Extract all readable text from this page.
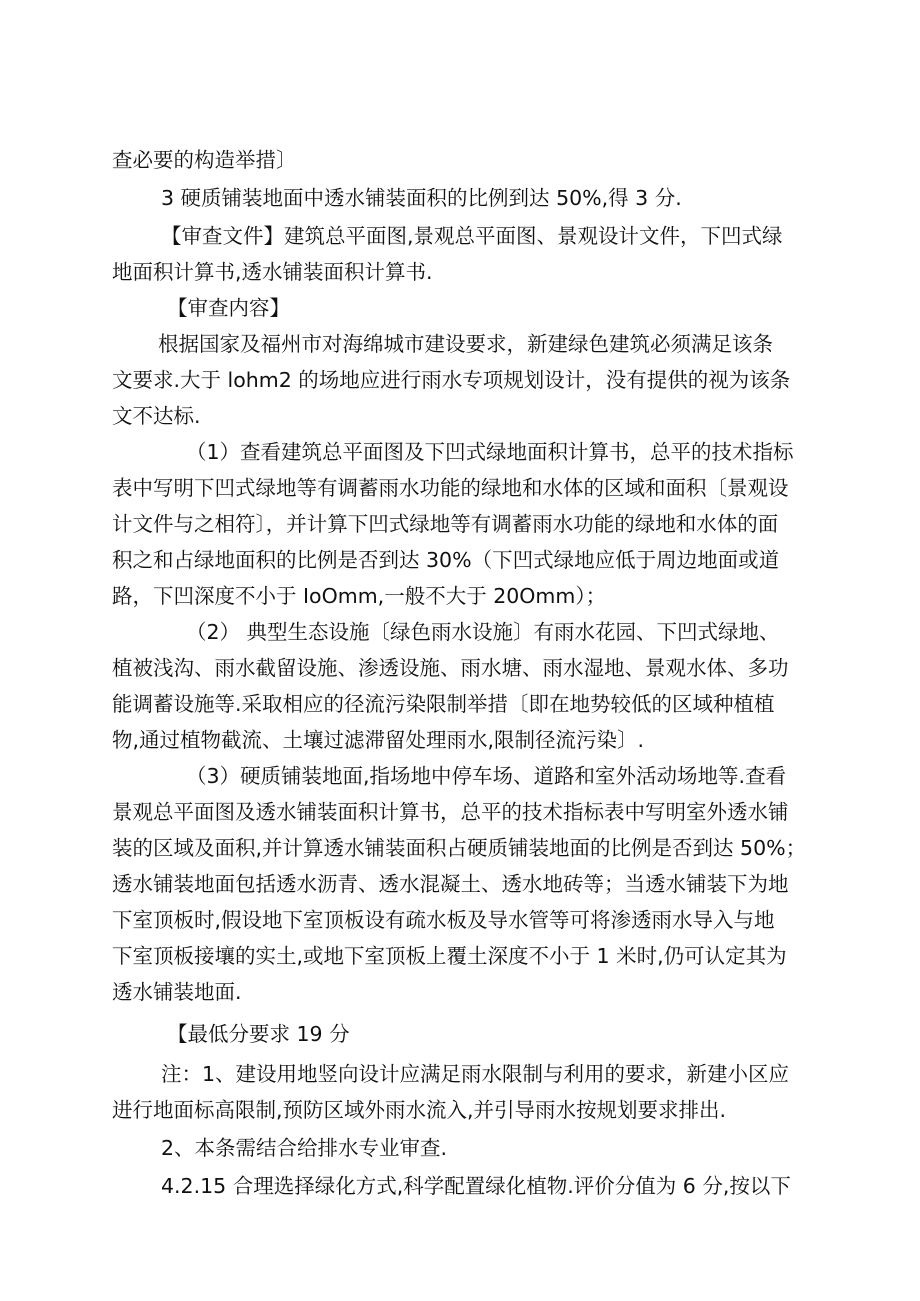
查必要的构造举措〕
3 硬质铺装地面中透水铺装面积的比例到达 50%,得 3 分.
【审查文件】建筑总平面图,景观总平面图、景观设计文件，下凹式绿
地面积计算书,透水铺装面积计算书.
【审查内容】
根据国家及福州市对海绵城市建设要求，新建绿色建筑必须满足该条
文要求.大于 lohm2 的场地应进行雨水专项规划设计，没有提供的视为该条
文不达标.
（1）查看建筑总平面图及下凹式绿地面积计算书，总平的技术指标
表中写明下凹式绿地等有调蓄雨水功能的绿地和水体的区域和面积〔景观设
计文件与之相符〕，并计算下凹式绿地等有调蓄雨水功能的绿地和水体的面
积之和占绿地面积的比例是否到达 30%（下凹式绿地应低于周边地面或道
路，下凹深度不小于 IoOmm,一般不大于 20Omm）；
（2） 典型生态设施〔绿色雨水设施〕有雨水花园、下凹式绿地、
植被浅沟、雨水截留设施、渗透设施、雨水塘、雨水湿地、景观水体、多功
能调蓄设施等.采取相应的径流污染限制举措〔即在地势较低的区域种植植
物,通过植物截流、土壤过滤滞留处理雨水,限制径流污染〕.
（3）硬质铺装地面,指场地中停车场、道路和室外活动场地等.查看
景观总平面图及透水铺装面积计算书，总平的技术指标表中写明室外透水铺
装的区域及面积,并计算透水铺装面积占硬质铺装地面的比例是否到达 50%；
透水铺装地面包括透水沥青、透水混凝土、透水地砖等；当透水铺装下为地
下室顶板时,假设地下室顶板设有疏水板及导水管等可将渗透雨水导入与地
下室顶板接壤的实土,或地下室顶板上覆土深度不小于 1 米时,仍可认定其为
透水铺装地面.
【最低分要求 19 分
注：1、建设用地竖向设计应满足雨水限制与利用的要求，新建小区应
进行地面标高限制,预防区域外雨水流入,并引导雨水按规划要求排出.
2、本条需结合给排水专业审查.
4.2.15 合理选择绿化方式,科学配置绿化植物.评价分值为 6 分,按以下
